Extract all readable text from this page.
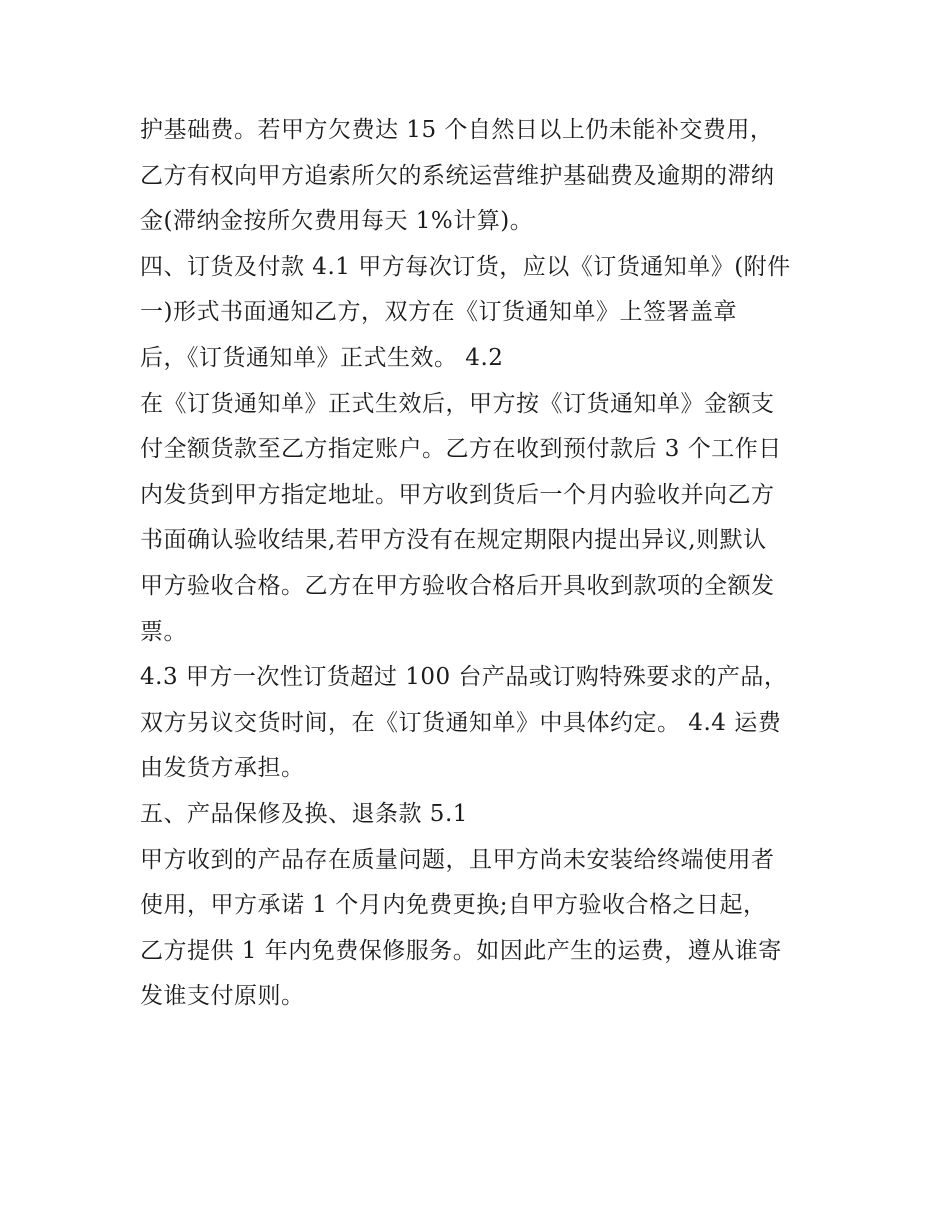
护基础费。若甲方欠费达 15 个自然日以上仍未能补交费用，
乙方有权向甲方追索所欠的系统运营维护基础费及逾期的滞纳
金(滞纳金按所欠费用每天 1%计算)。
四、订货及付款 4.1 甲方每次订货，应以《订货通知单》(附件
一)形式书面通知乙方，双方在《订货通知单》上签署盖章
后，《订货通知单》正式生效。 4.2
在《订货通知单》正式生效后，甲方按《订货通知单》金额支
付全额货款至乙方指定账户。乙方在收到预付款后 3 个工作日
内发货到甲方指定地址。甲方收到货后一个月内验收并向乙方
书面确认验收结果,若甲方没有在规定期限内提出异议,则默认
甲方验收合格。乙方在甲方验收合格后开具收到款项的全额发
票。
4.3 甲方一次性订货超过 100 台产品或订购特殊要求的产品，
双方另议交货时间，在《订货通知单》中具体约定。 4.4 运费
由发货方承担。
五、产品保修及换、退条款 5.1
甲方收到的产品存在质量问题，且甲方尚未安装给终端使用者
使用，甲方承诺 1 个月内免费更换;自甲方验收合格之日起，
乙方提供 1 年内免费保修服务。如因此产生的运费，遵从谁寄
发谁支付原则。
